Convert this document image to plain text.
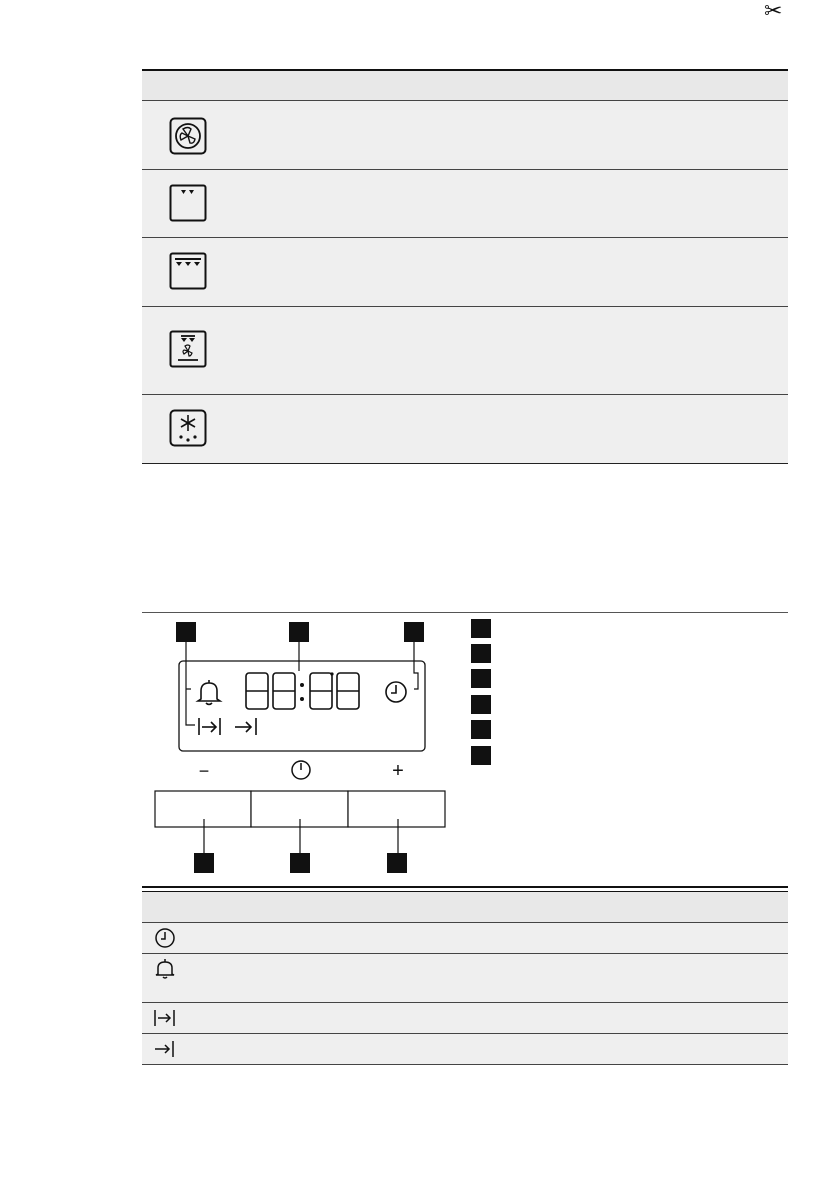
✂
−	+
